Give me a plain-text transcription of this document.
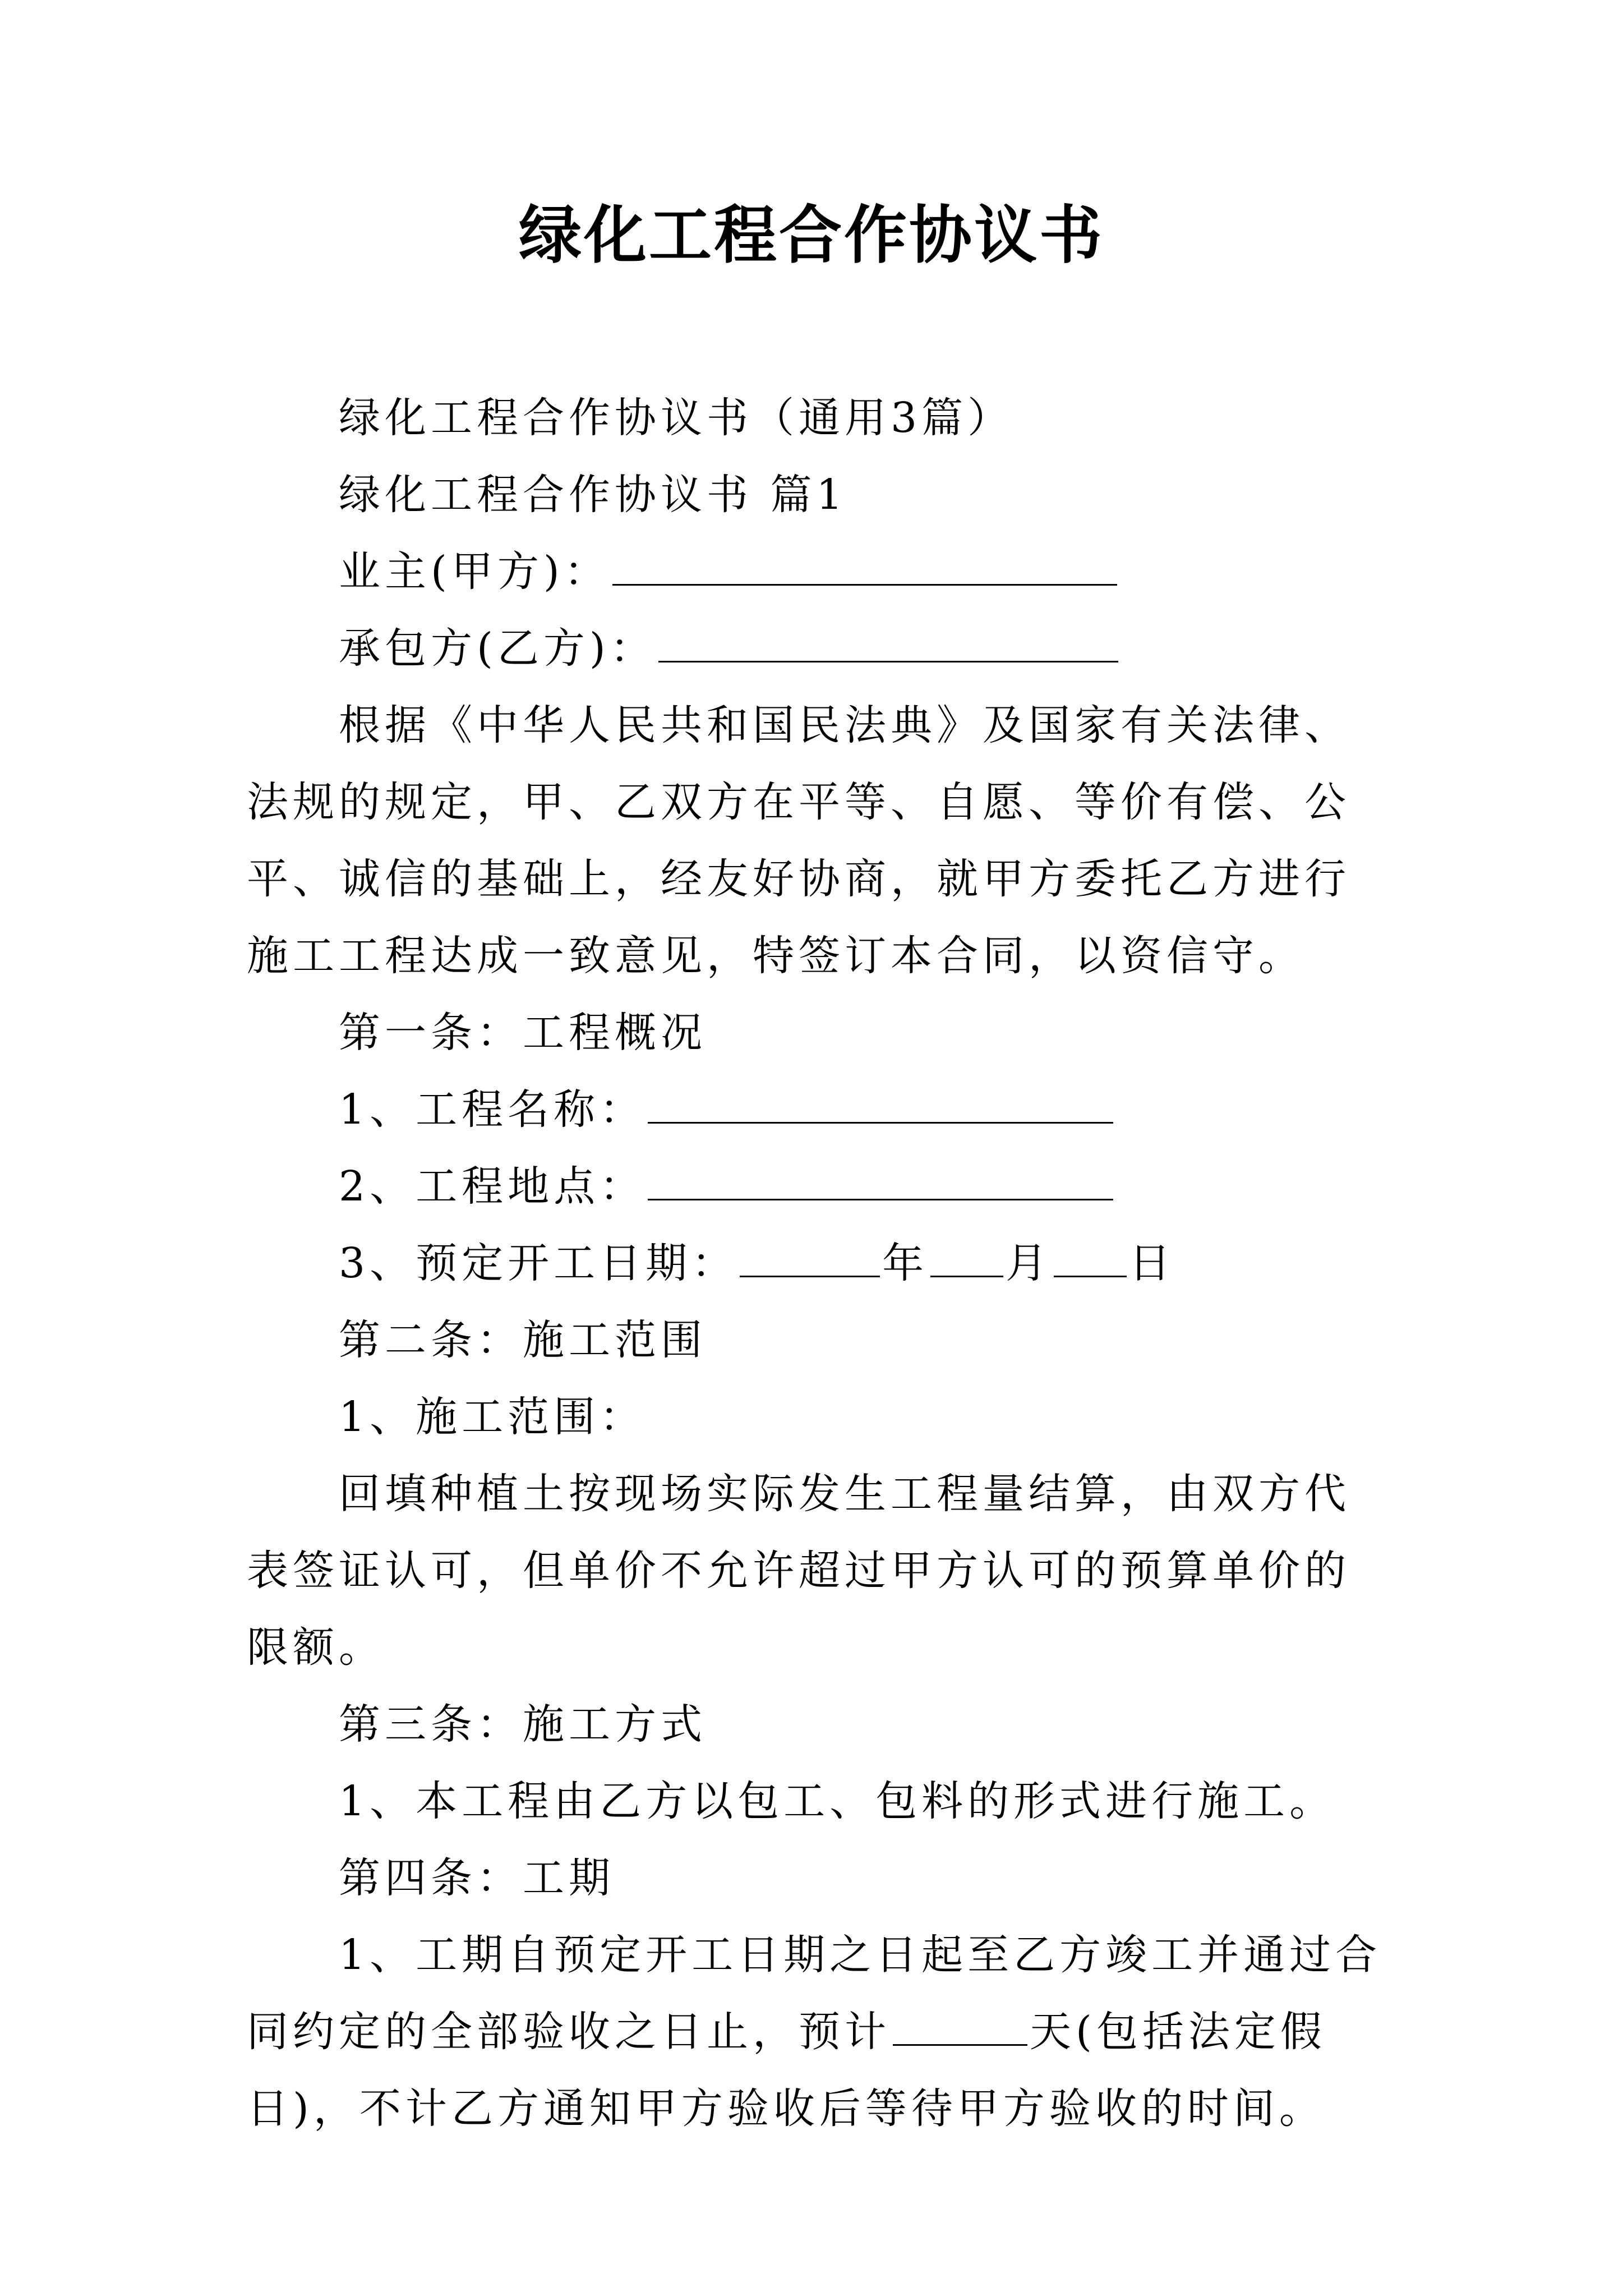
绿化工程合作协议书

绿化工程合作协议书（通用3篇）

绿化工程合作协议书 篇1

业主(甲方)：

承包方(乙方)：

根据《中华人民共和国民法典》及国家有关法律、法规的规定，甲、乙双方在平等、自愿、等价有偿、公平、诚信的基础上，经友好协商，就甲方委托乙方进行施工工程达成一致意见，特签订本合同，以资信守。

第一条：工程概况

1、工程名称：

2、工程地点：

3、预定开工日期：	年 月 日

第二条：施工范围

1、施工范围：

回填种植土按现场实际发生工程量结算，由双方代表签证认可，但单价不允许超过甲方认可的预算单价的限额。

第三条：施工方式

1、本工程由乙方以包工、包料的形式进行施工。

第四条：工期

1、工期自预定开工日期之日起至乙方竣工并通过合同约定的全部验收之日止，预计	天(包括法定假日)，不计乙方通知甲方验收后等待甲方验收的时间。
